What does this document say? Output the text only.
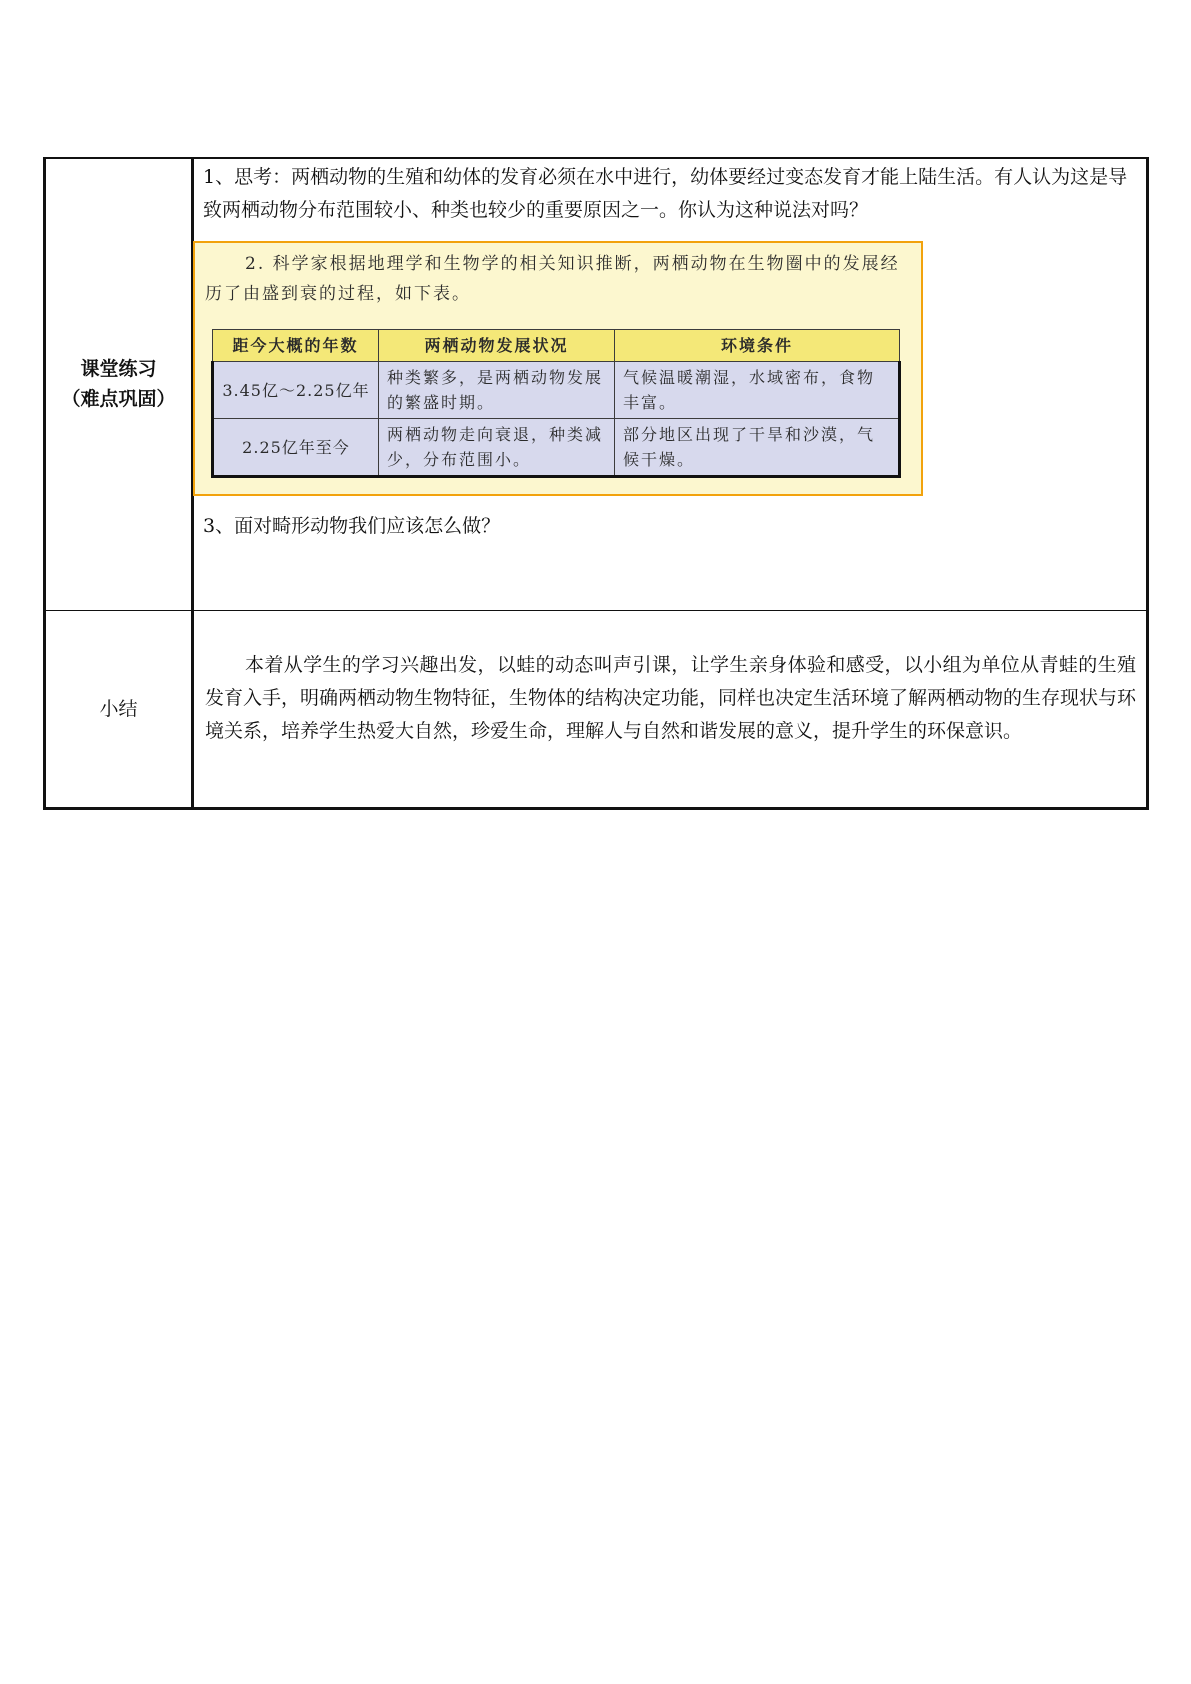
课堂练习
（难点巩固）

1、思考：两栖动物的生殖和幼体的发育必须在水中进行，幼体要经过变态发育才能上陆生活。有人认为这是导致两栖动物分布范围较小、种类也较少的重要原因之一。你认为这种说法对吗？

2. 科学家根据地理学和生物学的相关知识推断，两栖动物在生物圈中的发展经历了由盛到衰的过程，如下表。

距今大概的年数	两栖动物发展状况	环境条件
3.45亿～2.25亿年	种类繁多，是两栖动物发展的繁盛时期。	气候温暖潮湿，水域密布，食物丰富。
2.25亿年至今	两栖动物走向衰退，种类减少，分布范围小。	部分地区出现了干旱和沙漠，气候干燥。

3、面对畸形动物我们应该怎么做？

小结

本着从学生的学习兴趣出发，以蛙的动态叫声引课，让学生亲身体验和感受，以小组为单位从青蛙的生殖发育入手，明确两栖动物生物特征，生物体的结构决定功能，同样也决定生活环境了解两栖动物的生存现状与环境关系，培养学生热爱大自然，珍爱生命，理解人与自然和谐发展的意义，提升学生的环保意识。
